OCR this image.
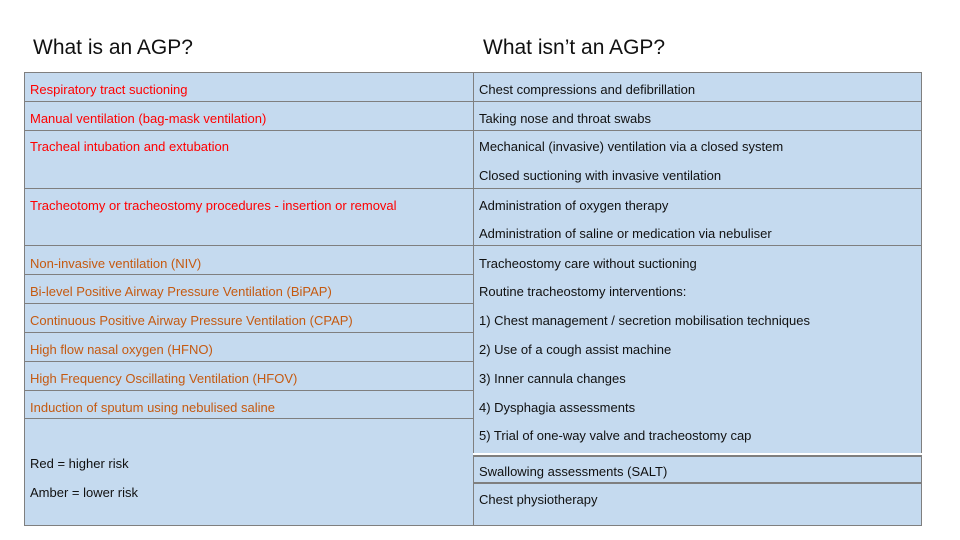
What is an AGP?	What isn’t an AGP?
Respiratory tract suctioning
Manual ventilation (bag-mask ventilation)
Tracheal intubation and extubation
Tracheotomy or tracheostomy procedures - insertion or removal
Non-invasive ventilation (NIV)
Bi-level Positive Airway Pressure Ventilation (BiPAP)
Continuous Positive Airway Pressure Ventilation (CPAP)
High flow nasal oxygen (HFNO)
High Frequency Oscillating Ventilation (HFOV)
Induction of sputum using nebulised saline
Red = higher risk
Amber = lower risk
Chest compressions and defibrillation
Taking nose and throat swabs
Mechanical (invasive) ventilation via a closed system
Closed suctioning with invasive ventilation
Administration of oxygen therapy
Administration of saline or medication via nebuliser
Tracheostomy care without suctioning
Routine tracheostomy interventions:
1) Chest management / secretion mobilisation techniques
2) Use of a cough assist machine
3) Inner cannula changes
4) Dysphagia assessments
5) Trial of one-way valve and tracheostomy cap
Swallowing assessments (SALT)
Chest physiotherapy
